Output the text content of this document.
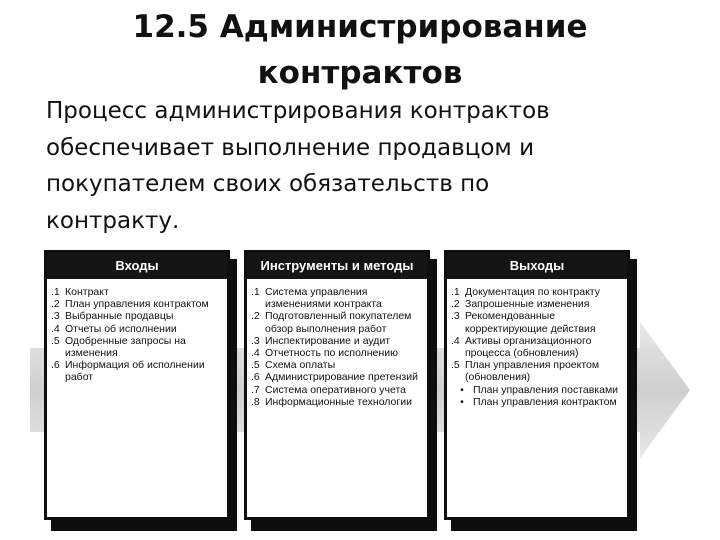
12.5 Администрирование
контрактов
Процесс администрирования контрактов
обеспечивает выполнение продавцом и
покупателем своих обязательств по
контракту.
Входы
.1 Контракт
.2 План управления контрактом
.3 Выбранные продавцы
.4 Отчеты об исполнении
.5 Одобренные запросы на изменения
.6 Информация об исполнении работ
Инструменты и методы
.1 Система управления изменениями контракта
.2 Подготовленный покупателем обзор выполнения работ
.3 Инспектирование и аудит
.4 Отчетность по исполнению
.5 Схема оплаты
.6 Администрирование претензий
.7 Система оперативного учета
.8 Информационные технологии
Выходы
.1 Документация по контракту
.2 Запрошенные изменения
.3 Рекомендованные корректирующие действия
.4 Активы организационного процесса (обновления)
.5 План управления проектом (обновления)
• План управления поставками
• План управления контрактом
